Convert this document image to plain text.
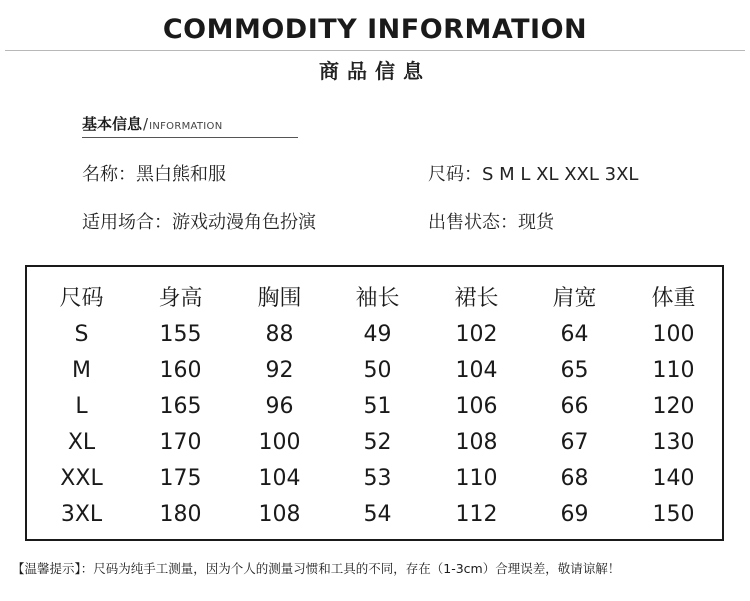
COMMODITY INFORMATION
商品信息
基本信息/INFORMATION
名称：黑白熊和服	尺码：S M L XL XXL 3XL
适用场合：游戏动漫角色扮演	出售状态：现货
尺码	身高	胸围	袖长	裙长	肩宽	体重
S	155	88	49	102	64	100
M	160	92	50	104	65	110
L	165	96	51	106	66	120
XL	170	100	52	108	67	130
XXL	175	104	53	110	68	140
3XL	180	108	54	112	69	150
【温馨提示】：尺码为纯手工测量，因为个人的测量习惯和工具的不同，存在（1-3cm）合理误差，敬请谅解！
